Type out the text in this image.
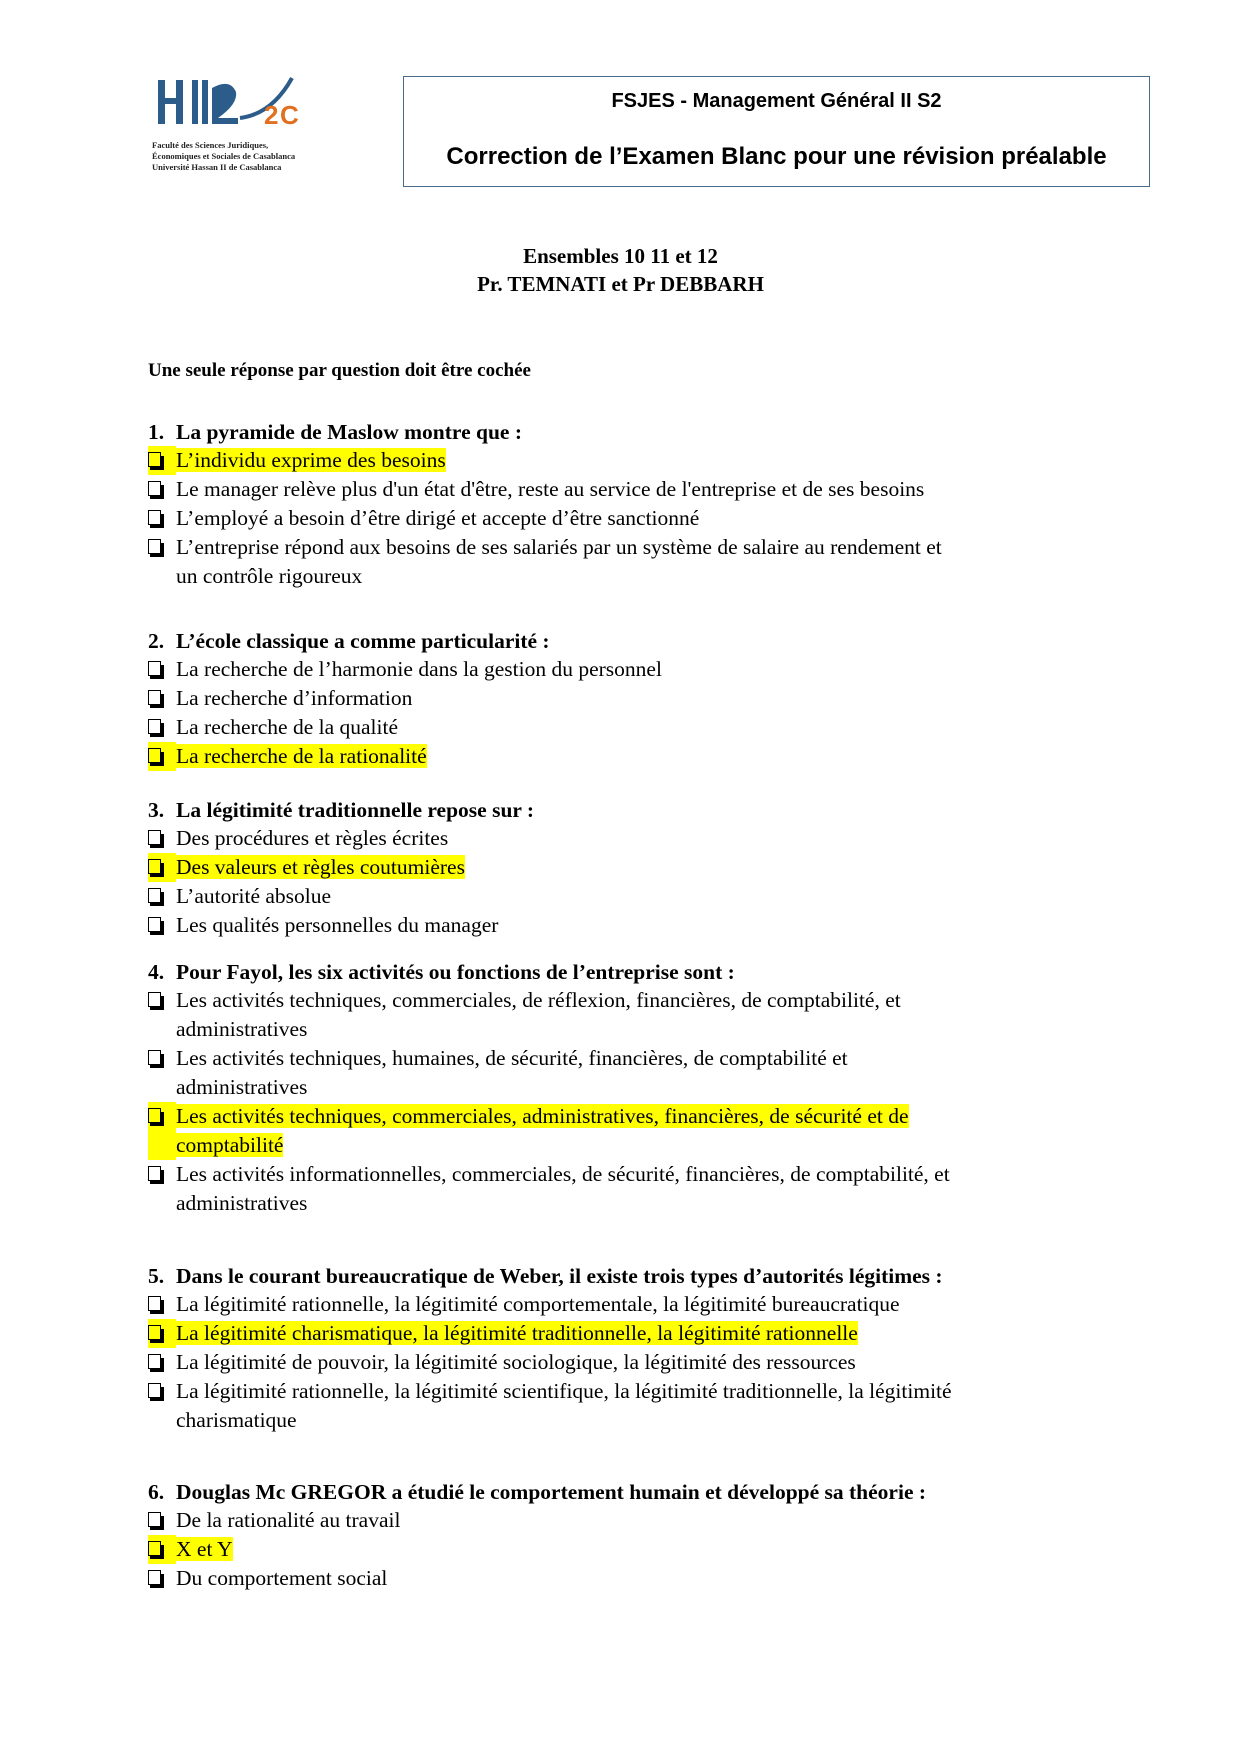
2 C
Faculté des Sciences Juridiques,
Économiques et Sociales de Casablanca
Université Hassan II de Casablanca
FSJES - Management Général II S2
Correction de l’Examen Blanc pour une révision préalable
Ensembles 10 11 et 12
Pr. TEMNATI et Pr DEBBARH
Une seule réponse par question doit être cochée
1. La pyramide de Maslow montre que :
L’individu exprime des besoins
Le manager relève plus d'un état d'être, reste au service de l'entreprise et de ses besoins
L’employé a besoin d’être dirigé et accepte d’être sanctionné
L’entreprise répond aux besoins de ses salariés par un système de salaire au rendement et
un contrôle rigoureux
2. L’école classique a comme particularité :
La recherche de l’harmonie dans la gestion du personnel
La recherche d’information
La recherche de la qualité
La recherche de la rationalité
3. La légitimité traditionnelle repose sur :
Des procédures et règles écrites
Des valeurs et règles coutumières
L’autorité absolue
Les qualités personnelles du manager
4. Pour Fayol, les six activités ou fonctions de l’entreprise sont :
Les activités techniques, commerciales, de réflexion, financières, de comptabilité, et
administratives
Les activités techniques, humaines, de sécurité, financières, de comptabilité et
administratives
Les activités techniques, commerciales, administratives, financières, de sécurité et de
comptabilité
Les activités informationnelles, commerciales, de sécurité, financières, de comptabilité, et
administratives
5. Dans le courant bureaucratique de Weber, il existe trois types d’autorités légitimes :
La légitimité rationnelle, la légitimité comportementale, la légitimité bureaucratique
La légitimité charismatique, la légitimité traditionnelle, la légitimité rationnelle
La légitimité de pouvoir, la légitimité sociologique, la légitimité des ressources
La légitimité rationnelle, la légitimité scientifique, la légitimité traditionnelle, la légitimité
charismatique
6. Douglas Mc GREGOR a étudié le comportement humain et développé sa théorie :
De la rationalité au travail
X et Y
Du comportement social
